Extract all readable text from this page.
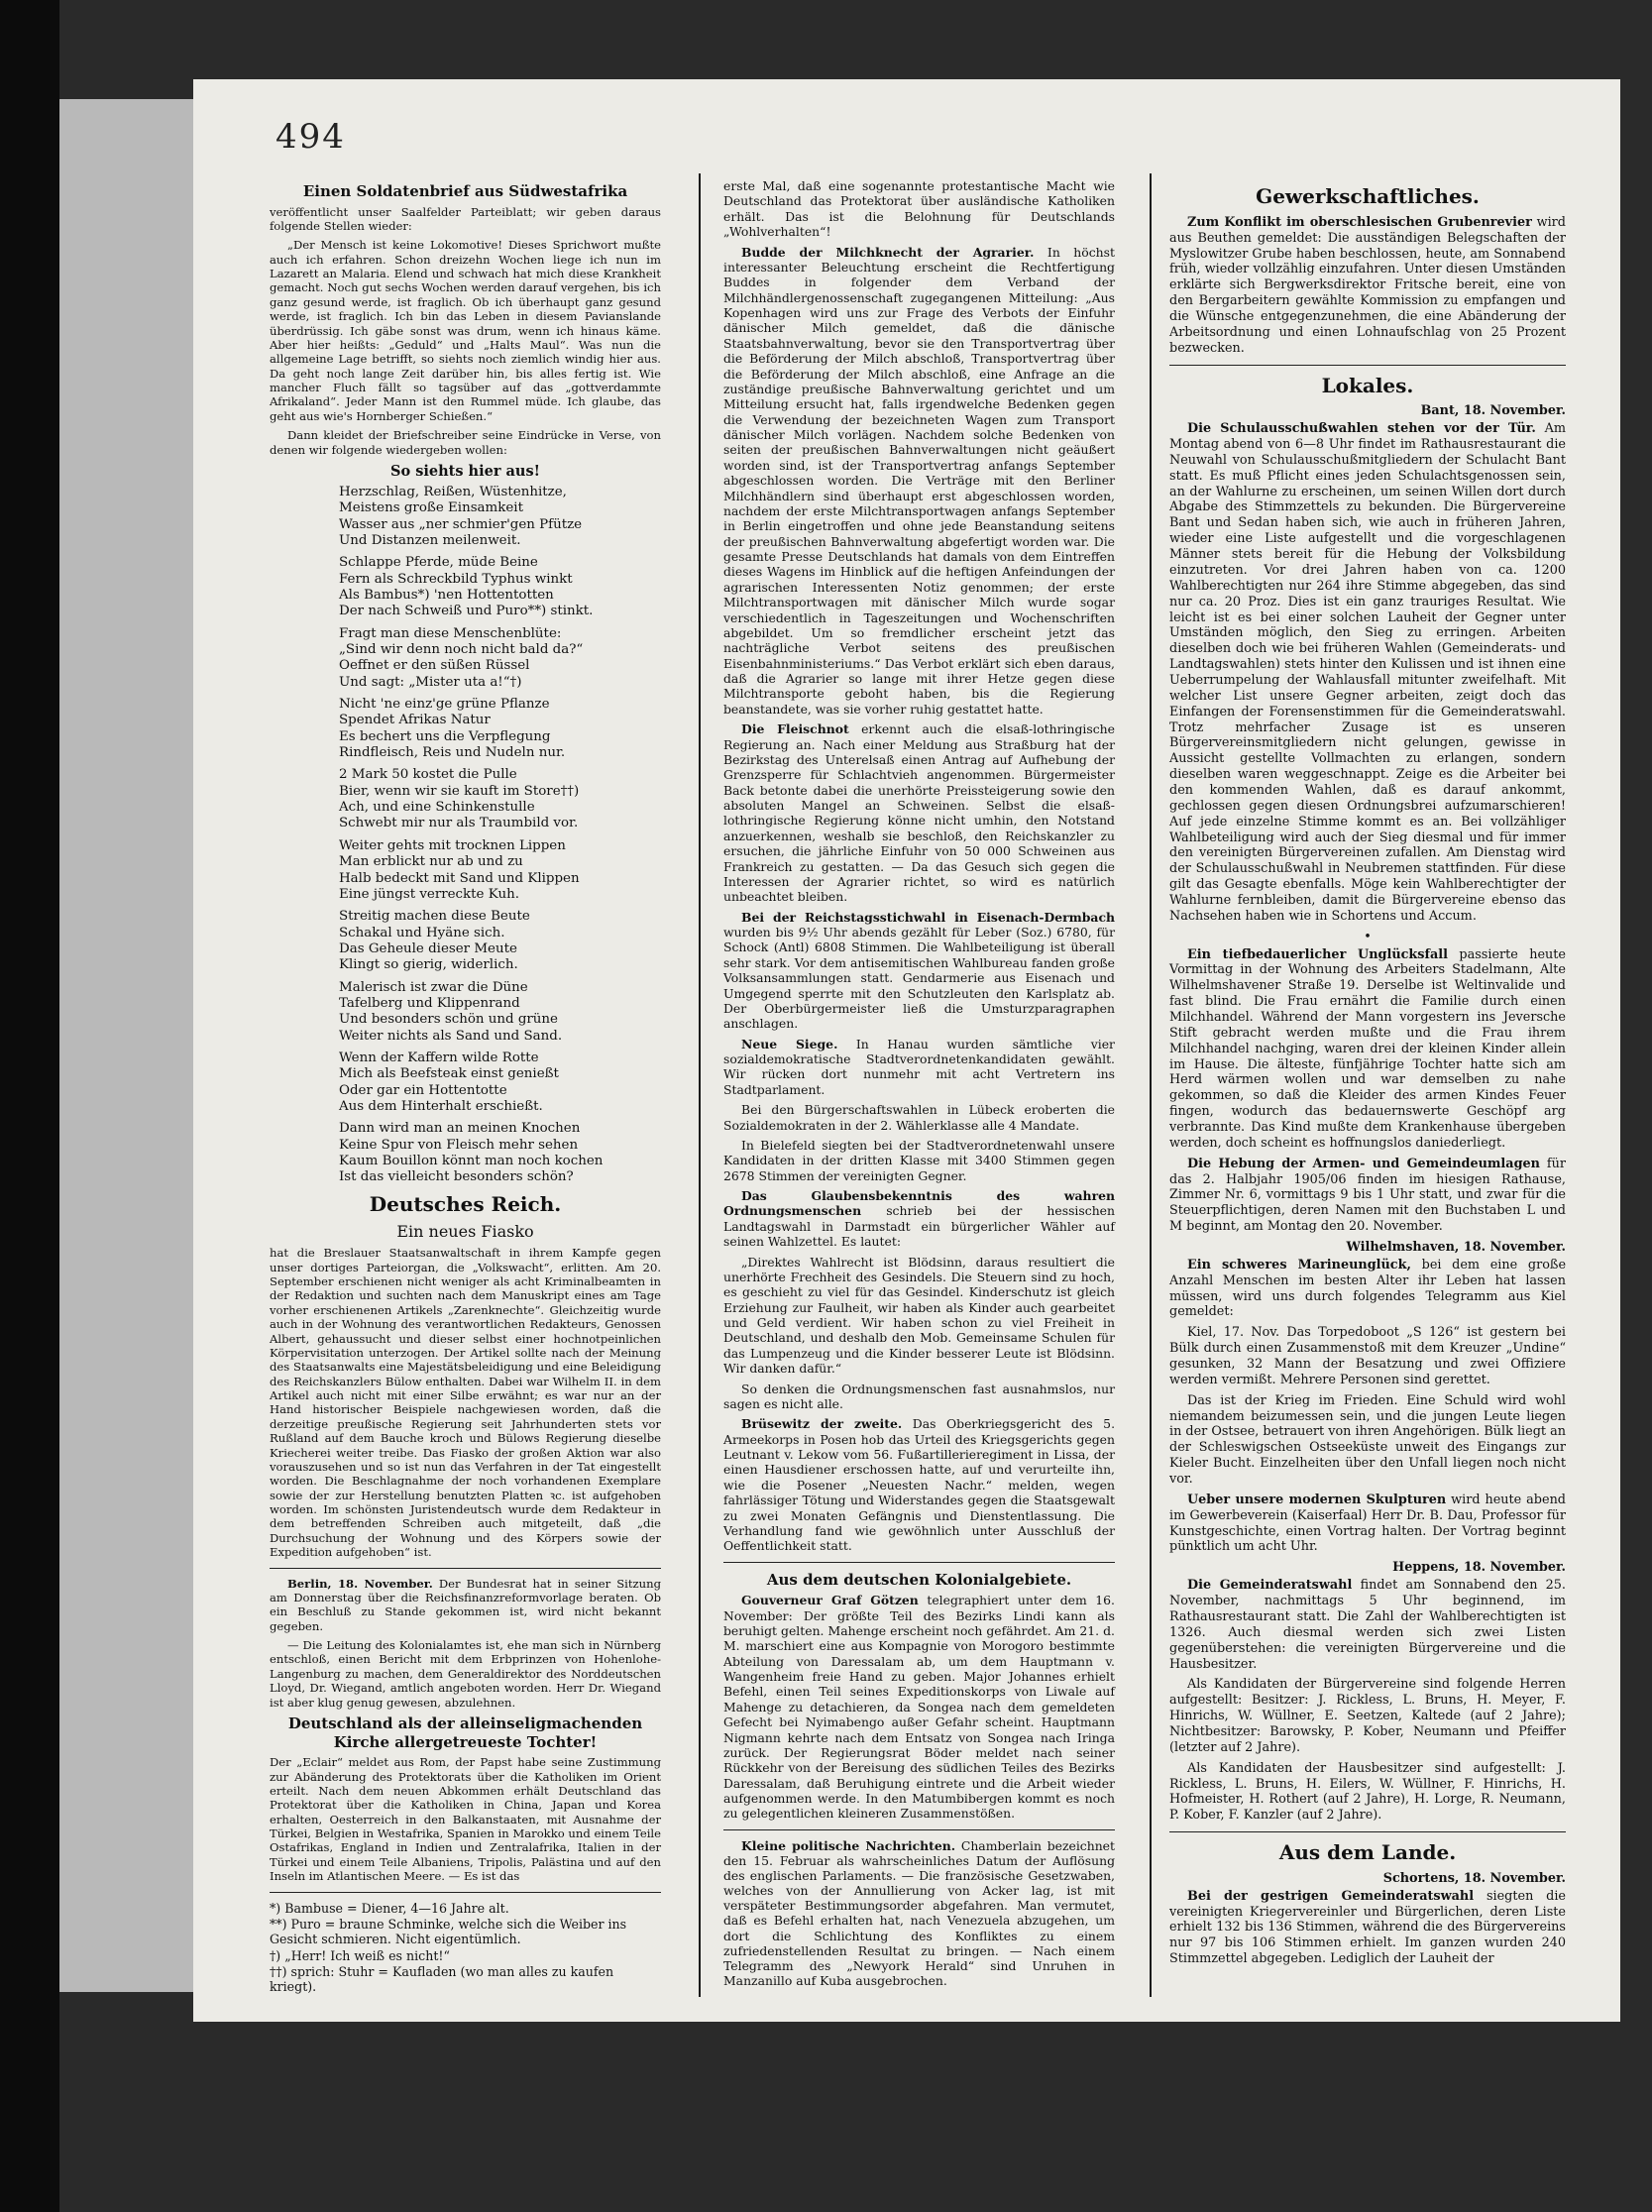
494
Einen Soldatenbrief aus Südwestafrika

veröffentlicht unser Saalfelder Parteiblatt; wir geben daraus folgende Stellen wieder:

„Der Mensch ist keine Lokomotive! Dieses Sprichwort mußte auch ich erfahren. Schon dreizehn Wochen liege ich nun im Lazarett an Malaria. Elend und schwach hat mich diese Krankheit gemacht. Noch gut sechs Wochen werden darauf vergehen, bis ich ganz gesund werde, ist fraglich. Ob ich überhaupt ganz gesund werde, ist fraglich. Ich bin das Leben in diesem Pavianslande überdrüssig. Ich gäbe sonst was drum, wenn ich hinaus käme. Aber hier heißts: „Geduld“ und „Halts Maul“. Was nun die allgemeine Lage betrifft, so siehts noch ziemlich windig hier aus. Da geht noch lange Zeit darüber hin, bis alles fertig ist. Wie mancher Fluch fällt so tagsüber auf das „gottverdammte Afrikaland“. Jeder Mann ist den Rummel müde. Ich glaube, das geht aus wie's Hornberger Schießen.“

Dann kleidet der Briefschreiber seine Eindrücke in Verse, von denen wir folgende wiedergeben wollen:

So siehts hier aus!
Herzschlag, Reißen, Wüstenhitze,
Meistens große Einsamkeit
Wasser aus „ner schmier'gen Pfütze
Und Distanzen meilenweit.
Schlappe Pferde, müde Beine
Fern als Schreckbild Typhus winkt
Als Bambus*) 'nen Hottentotten
Der nach Schweiß und Puro**) stinkt.
Fragt man diese Menschenblüte:
„Sind wir denn noch nicht bald da?“
Oeffnet er den süßen Rüssel
Und sagt: „Mister uta a!“†)
Nicht 'ne einz'ge grüne Pflanze
Spendet Afrikas Natur
Es bechert uns die Verpflegung
Rindfleisch, Reis und Nudeln nur.
2 Mark 50 kostet die Pulle
Bier, wenn wir sie kauft im Store††)
Ach, und eine Schinkenstulle
Schwebt mir nur als Traumbild vor.
Weiter gehts mit trocknen Lippen
Man erblickt nur ab und zu
Halb bedeckt mit Sand und Klippen
Eine jüngst verreckte Kuh.
Streitig machen diese Beute
Schakal und Hyäne sich.
Das Geheule dieser Meute
Klingt so gierig, widerlich.
Malerisch ist zwar die Düne
Tafelberg und Klippenrand
Und besonders schön und grüne
Weiter nichts als Sand und Sand.
Wenn der Kaffern wilde Rotte
Mich als Beefsteak einst genießt
Oder gar ein Hottentotte
Aus dem Hinterhalt erschießt.
Dann wird man an meinen Knochen
Keine Spur von Fleisch mehr sehen
Kaum Bouillon könnt man noch kochen
Ist das vielleicht besonders schön?
Deutsches Reich.
Ein neues Fiasko

hat die Breslauer Staatsanwaltschaft in ihrem Kampfe gegen unser dortiges Parteiorgan, die „Volkswacht“, erlitten. Am 20. September erschienen nicht weniger als acht Kriminalbeamten in der Redaktion und suchten nach dem Manuskript eines am Tage vorher erschienenen Artikels „Zarenknechte“. Gleichzeitig wurde auch in der Wohnung des verantwortlichen Redakteurs, Genossen Albert, gehaussucht und dieser selbst einer hochnotpeinlichen Körpervisitation unterzogen. Der Artikel sollte nach der Meinung des Staatsanwalts eine Majestätsbeleidigung und eine Beleidigung des Reichskanzlers Bülow enthalten. Dabei war Wilhelm II. in dem Artikel auch nicht mit einer Silbe erwähnt; es war nur an der Hand historischer Beispiele nachgewiesen worden, daß die derzeitige preußische Regierung seit Jahrhunderten stets vor Rußland auf dem Bauche kroch und Bülows Regierung dieselbe Kriecherei weiter treibe. Das Fiasko der großen Aktion war also vorauszusehen und so ist nun das Verfahren in der Tat eingestellt worden. Die Beschlagnahme der noch vorhandenen Exemplare sowie der zur Herstellung benutzten Platten ꝛc. ist aufgehoben worden. Im schönsten Juristendeutsch wurde dem Redakteur in dem betreffenden Schreiben auch mitgeteilt, daß „die Durchsuchung der Wohnung und des Körpers sowie der Expedition aufgehoben“ ist.

Berlin, 18. November. Der Bundesrat hat in seiner Sitzung am Donnerstag über die Reichsfinanzreformvorlage beraten. Ob ein Beschluß zu Stande gekommen ist, wird nicht bekannt gegeben.

— Die Leitung des Kolonialamtes ist, ehe man sich in Nürnberg entschloß, einen Bericht mit dem Erbprinzen von Hohenlohe-Langenburg zu machen, dem Generaldirektor des Norddeutschen Lloyd, Dr. Wiegand, amtlich angeboten worden. Herr Dr. Wiegand ist aber klug genug gewesen, abzulehnen.

Deutschland als der alleinseligmachenden Kirche allergetreueste Tochter!

Der „Eclair“ meldet aus Rom, der Papst habe seine Zustimmung zur Abänderung des Protektorats über die Katholiken im Orient erteilt. Nach dem neuen Abkommen erhält Deutschland das Protektorat über die Katholiken in China, Japan und Korea erhalten, Oesterreich in den Balkanstaaten, mit Ausnahme der Türkei, Belgien in Westafrika, Spanien in Marokko und einem Teile Ostafrikas, England in Indien und Zentralafrika, Italien in der Türkei und einem Teile Albaniens, Tripolis, Palästina und auf den Inseln im Atlantischen Meere. — Es ist das

*) Bambuse = Diener, 4—16 Jahre alt.
**) Puro = braune Schminke, welche sich die Weiber ins Gesicht schmieren. Nicht eigentümlich.
†) „Herr! Ich weiß es nicht!“
††) sprich: Stuhr = Kaufladen (wo man alles zu kaufen kriegt).

erste Mal, daß eine sogenannte protestantische Macht wie Deutschland das Protektorat über ausländische Katholiken erhält. Das ist die Belohnung für Deutschlands „Wohlverhalten“!

Budde der Milchknecht der Agrarier. In höchst interessanter Beleuchtung erscheint die Rechtfertigung Buddes in folgender dem Verband der Milchhändlergenossenschaft zugegangenen Mitteilung: „Aus Kopenhagen wird uns zur Frage des Verbots der Einfuhr dänischer Milch gemeldet, daß die dänische Staatsbahnverwaltung, bevor sie den Transportvertrag über die Beförderung der Milch abschloß, Transportvertrag über die Beförderung der Milch abschloß, eine Anfrage an die zuständige preußische Bahnverwaltung gerichtet und um Mitteilung ersucht hat, falls irgendwelche Bedenken gegen die Verwendung der bezeichneten Wagen zum Transport dänischer Milch vorlägen. Nachdem solche Bedenken von seiten der preußischen Bahnverwaltungen nicht geäußert worden sind, ist der Transportvertrag anfangs September abgeschlossen worden. Die Verträge mit den Berliner Milchhändlern sind überhaupt erst abgeschlossen worden, nachdem der erste Milchtransportwagen anfangs September in Berlin eingetroffen und ohne jede Beanstandung seitens der preußischen Bahnverwaltung abgefertigt worden war. Die gesamte Presse Deutschlands hat damals von dem Eintreffen dieses Wagens im Hinblick auf die heftigen Anfeindungen der agrarischen Interessenten Notiz genommen; der erste Milchtransportwagen mit dänischer Milch wurde sogar verschiedentlich in Tageszeitungen und Wochenschriften abgebildet. Um so fremdlicher erscheint jetzt das nachträgliche Verbot seitens des preußischen Eisenbahnministeriums.“ Das Verbot erklärt sich eben daraus, daß die Agrarier so lange mit ihrer Hetze gegen diese Milchtransporte geboht haben, bis die Regierung beanstandete, was sie vorher ruhig gestattet hatte.

Die Fleischnot erkennt auch die elsaß-lothringische Regierung an. Nach einer Meldung aus Straßburg hat der Bezirkstag des Unterelsaß einen Antrag auf Aufhebung der Grenzsperre für Schlachtvieh angenommen. Bürgermeister Back betonte dabei die unerhörte Preissteigerung sowie den absoluten Mangel an Schweinen. Selbst die elsaß-lothringische Regierung könne nicht umhin, den Notstand anzuerkennen, weshalb sie beschloß, den Reichskanzler zu ersuchen, die jährliche Einfuhr von 50 000 Schweinen aus Frankreich zu gestatten. — Da das Gesuch sich gegen die Interessen der Agrarier richtet, so wird es natürlich unbeachtet bleiben.

Bei der Reichstagsstichwahl in Eisenach-Dermbach wurden bis 9½ Uhr abends gezählt für Leber (Soz.) 6780, für Schock (Antl) 6808 Stimmen. Die Wahlbeteiligung ist überall sehr stark. Vor dem antisemitischen Wahlbureau fanden große Volksansammlungen statt. Gendarmerie aus Eisenach und Umgegend sperrte mit den Schutzleuten den Karlsplatz ab. Der Oberbürgermeister ließ die Umsturzparagraphen anschlagen.

Neue Siege. In Hanau wurden sämtliche vier sozialdemokratische Stadtverordnetenkandidaten gewählt. Wir rücken dort nunmehr mit acht Vertretern ins Stadtparlament.

Bei den Bürgerschaftswahlen in Lübeck eroberten die Sozialdemokraten in der 2. Wählerklasse alle 4 Mandate.

In Bielefeld siegten bei der Stadtverordnetenwahl unsere Kandidaten in der dritten Klasse mit 3400 Stimmen gegen 2678 Stimmen der vereinigten Gegner.

Das Glaubensbekenntnis des wahren Ordnungsmenschen schrieb bei der hessischen Landtagswahl in Darmstadt ein bürgerlicher Wähler auf seinen Wahlzettel. Es lautet:

„Direktes Wahlrecht ist Blödsinn, daraus resultiert die unerhörte Frechheit des Gesindels. Die Steuern sind zu hoch, es geschieht zu viel für das Gesindel. Kinderschutz ist gleich Erziehung zur Faulheit, wir haben als Kinder auch gearbeitet und Geld verdient. Wir haben schon zu viel Freiheit in Deutschland, und deshalb den Mob. Gemeinsame Schulen für das Lumpenzeug und die Kinder besserer Leute ist Blödsinn. Wir danken dafür.“

So denken die Ordnungsmenschen fast ausnahmslos, nur sagen es nicht alle.

Brüsewitz der zweite. Das Oberkriegsgericht des 5. Armeekorps in Posen hob das Urteil des Kriegsgerichts gegen Leutnant v. Lekow vom 56. Fußartillerieregiment in Lissa, der einen Hausdiener erschossen hatte, auf und verurteilte ihn, wie die Posener „Neuesten Nachr.“ melden, wegen fahrlässiger Tötung und Widerstandes gegen die Staatsgewalt zu zwei Monaten Gefängnis und Dienstentlassung. Die Verhandlung fand wie gewöhnlich unter Ausschluß der Oeffentlichkeit statt.

Aus dem deutschen Kolonialgebiete.

Gouverneur Graf Götzen telegraphiert unter dem 16. November: Der größte Teil des Bezirks Lindi kann als beruhigt gelten. Mahenge erscheint noch gefährdet. Am 21. d. M. marschiert eine aus Kompagnie von Morogoro bestimmte Abteilung von Daressalam ab, um dem Hauptmann v. Wangenheim freie Hand zu geben. Major Johannes erhielt Befehl, einen Teil seines Expeditionskorps von Liwale auf Mahenge zu detachieren, da Songea nach dem gemeldeten Gefecht bei Nyimabengo außer Gefahr scheint. Hauptmann Nigmann kehrte nach dem Entsatz von Songea nach Iringa zurück. Der Regierungsrat Böder meldet nach seiner Rückkehr von der Bereisung des südlichen Teiles des Bezirks Daressalam, daß Beruhigung eintrete und die Arbeit wieder aufgenommen werde. In den Matumbibergen kommt es noch zu gelegentlichen kleineren Zusammenstößen.

Kleine politische Nachrichten. Chamberlain bezeichnet den 15. Februar als wahrscheinliches Datum der Auflösung des englischen Parlaments. — Die französische Gesetzwaben, welches von der Annullierung von Acker lag, ist mit verspäteter Bestimmungsorder abgefahren. Man vermutet, daß es Befehl erhalten hat, nach Venezuela abzugehen, um dort die Schlichtung des Konfliktes zu einem zufriedenstellenden Resultat zu bringen. — Nach einem Telegramm des „Newyork Herald“ sind Unruhen in Manzanillo auf Kuba ausgebrochen.

Gewerkschaftliches.

Zum Konflikt im oberschlesischen Grubenrevier wird aus Beuthen gemeldet: Die ausständigen Belegschaften der Myslowitzer Grube haben beschlossen, heute, am Sonnabend früh, wieder vollzählig einzufahren. Unter diesen Umständen erklärte sich Bergwerksdirektor Fritsche bereit, eine von den Bergarbeitern gewählte Kommission zu empfangen und die Wünsche entgegenzunehmen, die eine Abänderung der Arbeitsordnung und einen Lohnaufschlag von 25 Prozent bezwecken.

Lokales.
Bant, 18. November.

Die Schulausschußwahlen stehen vor der Tür. Am Montag abend von 6—8 Uhr findet im Rathausrestaurant die Neuwahl von Schulausschußmitgliedern der Schulacht Bant statt. Es muß Pflicht eines jeden Schulachtsgenossen sein, an der Wahlurne zu erscheinen, um seinen Willen dort durch Abgabe des Stimmzettels zu bekunden. Die Bürgervereine Bant und Sedan haben sich, wie auch in früheren Jahren, wieder eine Liste aufgestellt und die vorgeschlagenen Männer stets bereit für die Hebung der Volksbildung einzutreten. Vor drei Jahren haben von ca. 1200 Wahlberechtigten nur 264 ihre Stimme abgegeben, das sind nur ca. 20 Proz. Dies ist ein ganz trauriges Resultat. Wie leicht ist es bei einer solchen Lauheit der Gegner unter Umständen möglich, den Sieg zu erringen. Arbeiten dieselben doch wie bei früheren Wahlen (Gemeinderats- und Landtagswahlen) stets hinter den Kulissen und ist ihnen eine Ueberrumpelung der Wahlausfall mitunter zweifelhaft. Mit welcher List unsere Gegner arbeiten, zeigt doch das Einfangen der Forensenstimmen für die Gemeinderatswahl. Trotz mehrfacher Zusage ist es unseren Bürgervereinsmitgliedern nicht gelungen, gewisse in Aussicht gestellte Vollmachten zu erlangen, sondern dieselben waren weggeschnappt. Zeige es die Arbeiter bei den kommenden Wahlen, daß es darauf ankommt, gechlossen gegen diesen Ordnungsbrei aufzumarschieren! Auf jede einzelne Stimme kommt es an. Bei vollzähliger Wahlbeteiligung wird auch der Sieg diesmal und für immer den vereinigten Bürgervereinen zufallen. Am Dienstag wird der Schulausschußwahl in Neubremen stattfinden. Für diese gilt das Gesagte ebenfalls. Möge kein Wahlberechtigter der Wahlurne fernbleiben, damit die Bürgervereine ebenso das Nachsehen haben wie in Schortens und Accum.

•

Ein tiefbedauerlicher Unglücksfall passierte heute Vormittag in der Wohnung des Arbeiters Stadelmann, Alte Wilhelmshavener Straße 19. Derselbe ist Weltinvalide und fast blind. Die Frau ernährt die Familie durch einen Milchhandel. Während der Mann vorgestern ins Jeversche Stift gebracht werden mußte und die Frau ihrem Milchhandel nachging, waren drei der kleinen Kinder allein im Hause. Die älteste, fünfjährige Tochter hatte sich am Herd wärmen wollen und war demselben zu nahe gekommen, so daß die Kleider des armen Kindes Feuer fingen, wodurch das bedauernswerte Geschöpf arg verbrannte. Das Kind mußte dem Krankenhause übergeben werden, doch scheint es hoffnungslos daniederliegt.

Die Hebung der Armen- und Gemeindeumlagen für das 2. Halbjahr 1905/06 finden im hiesigen Rathause, Zimmer Nr. 6, vormittags 9 bis 1 Uhr statt, und zwar für die Steuerpflichtigen, deren Namen mit den Buchstaben L und M beginnt, am Montag den 20. November.

Wilhelmshaven, 18. November.

Ein schweres Marineunglück, bei dem eine große Anzahl Menschen im besten Alter ihr Leben hat lassen müssen, wird uns durch folgendes Telegramm aus Kiel gemeldet:

Kiel, 17. Nov. Das Torpedoboot „S 126“ ist gestern bei Bülk durch einen Zusammenstoß mit dem Kreuzer „Undine“ gesunken, 32 Mann der Besatzung und zwei Offiziere werden vermißt. Mehrere Personen sind gerettet.

Das ist der Krieg im Frieden. Eine Schuld wird wohl niemandem beizumessen sein, und die jungen Leute liegen in der Ostsee, betrauert von ihren Angehörigen. Bülk liegt an der Schleswigschen Ostseeküste unweit des Eingangs zur Kieler Bucht. Einzelheiten über den Unfall liegen noch nicht vor.

Ueber unsere modernen Skulpturen wird heute abend im Gewerbeverein (Kaiserfaal) Herr Dr. B. Dau, Professor für Kunstgeschichte, einen Vortrag halten. Der Vortrag beginnt pünktlich um acht Uhr.

Heppens, 18. November.

Die Gemeinderatswahl findet am Sonnabend den 25. November, nachmittags 5 Uhr beginnend, im Rathausrestaurant statt. Die Zahl der Wahlberechtigten ist 1326. Auch diesmal werden sich zwei Listen gegenüberstehen: die vereinigten Bürgervereine und die Hausbesitzer.

Als Kandidaten der Bürgervereine sind folgende Herren aufgestellt: Besitzer: J. Rickless, L. Bruns, H. Meyer, F. Hinrichs, W. Wüllner, E. Seetzen, Kaltede (auf 2 Jahre); Nichtbesitzer: Barowsky, P. Kober, Neumann und Pfeiffer (letzter auf 2 Jahre).

Als Kandidaten der Hausbesitzer sind aufgestellt: J. Rickless, L. Bruns, H. Eilers, W. Wüllner, F. Hinrichs, H. Hofmeister, H. Rothert (auf 2 Jahre), H. Lorge, R. Neumann, P. Kober, F. Kanzler (auf 2 Jahre).

Aus dem Lande.
Schortens, 18. November.

Bei der gestrigen Gemeinderatswahl siegten die vereinigten Kriegervereinler und Bürgerlichen, deren Liste erhielt 132 bis 136 Stimmen, während die des Bürgervereins nur 97 bis 106 Stimmen erhielt. Im ganzen wurden 240 Stimmzettel abgegeben. Lediglich der Lauheit der
